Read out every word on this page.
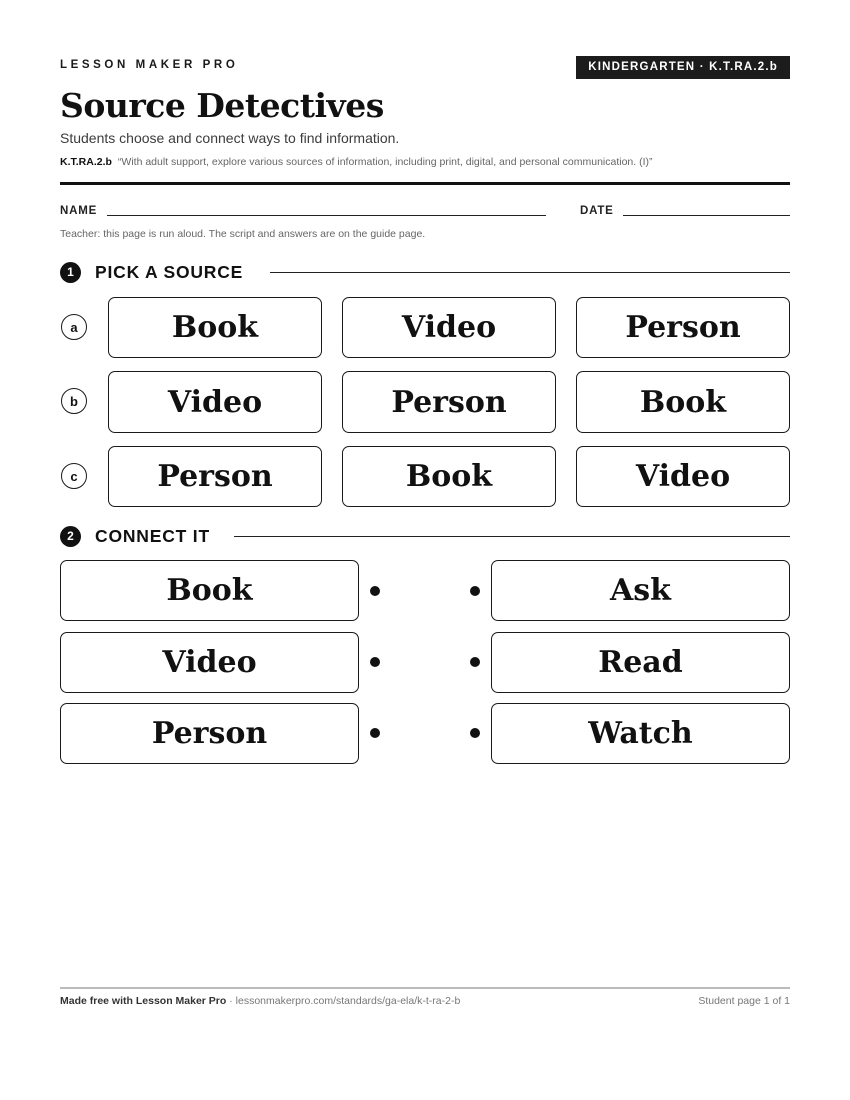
LESSON MAKER PRO	KINDERGARTEN · K.T.RA.2.b
Source Detectives
Students choose and connect ways to find information.
K.T.RA.2.b “With adult support, explore various sources of information, including print, digital, and personal communication. (I)”
NAME	DATE
Teacher: this page is run aloud. The script and answers are on the guide page.
1	PICK A SOURCE
a	Book	Video	Person
b	Video	Person	Book
c	Person	Book	Video
2	CONNECT IT
Book	Ask
Video	Read
Person	Watch
Made free with Lesson Maker Pro · lessonmakerpro.com/standards/ga-ela/k-t-ra-2-b	Student page 1 of 1
